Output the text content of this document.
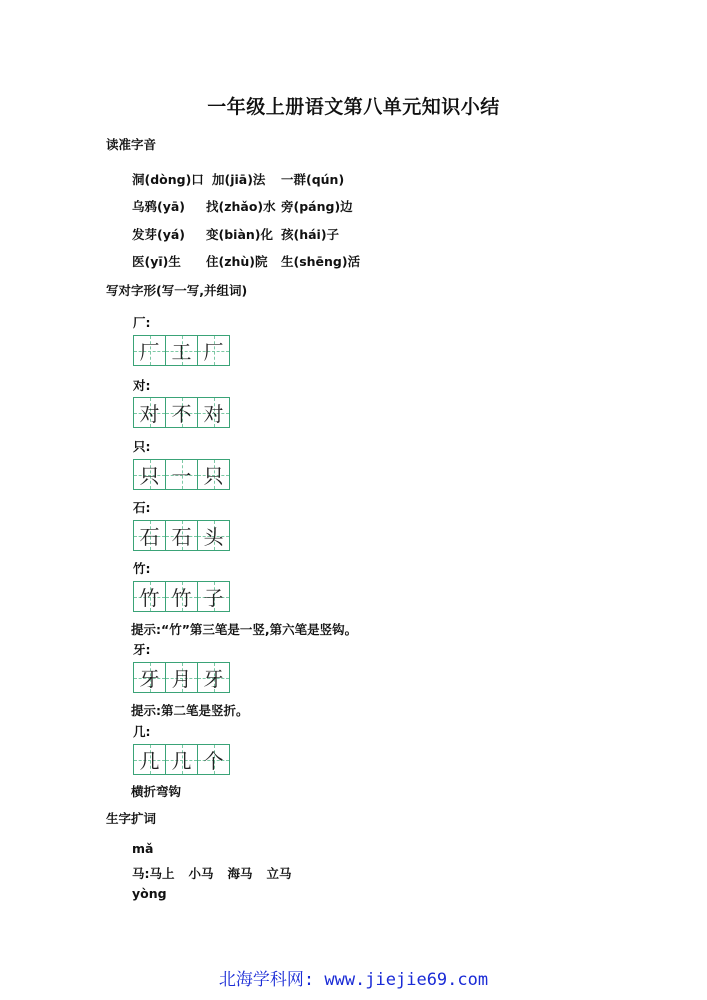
一年级上册语文第八单元知识小结
读准字音
洞(dòng)口 加(jiā)法 一群(qún)
乌鸦(yā) 找(zhǎo)水 旁(páng)边
发芽(yá) 变(biàn)化 孩(hái)子
医(yī)生 住(zhù)院 生(shēng)活
写对字形(写一写,并组词)
厂:
厂 工 厂
对:
对 不 对
只:
只 一 只
石:
石 石 头
竹:
竹 竹 子
提示:“竹”第三笔是一竖,第六笔是竖钩。
牙:
牙 月 牙
提示:第二笔是竖折。
几:
几 几 个
横折弯钩
生字扩词
mǎ
马:马上 小马 海马 立马
yòng
北海学科网: www.jiejie69.com
